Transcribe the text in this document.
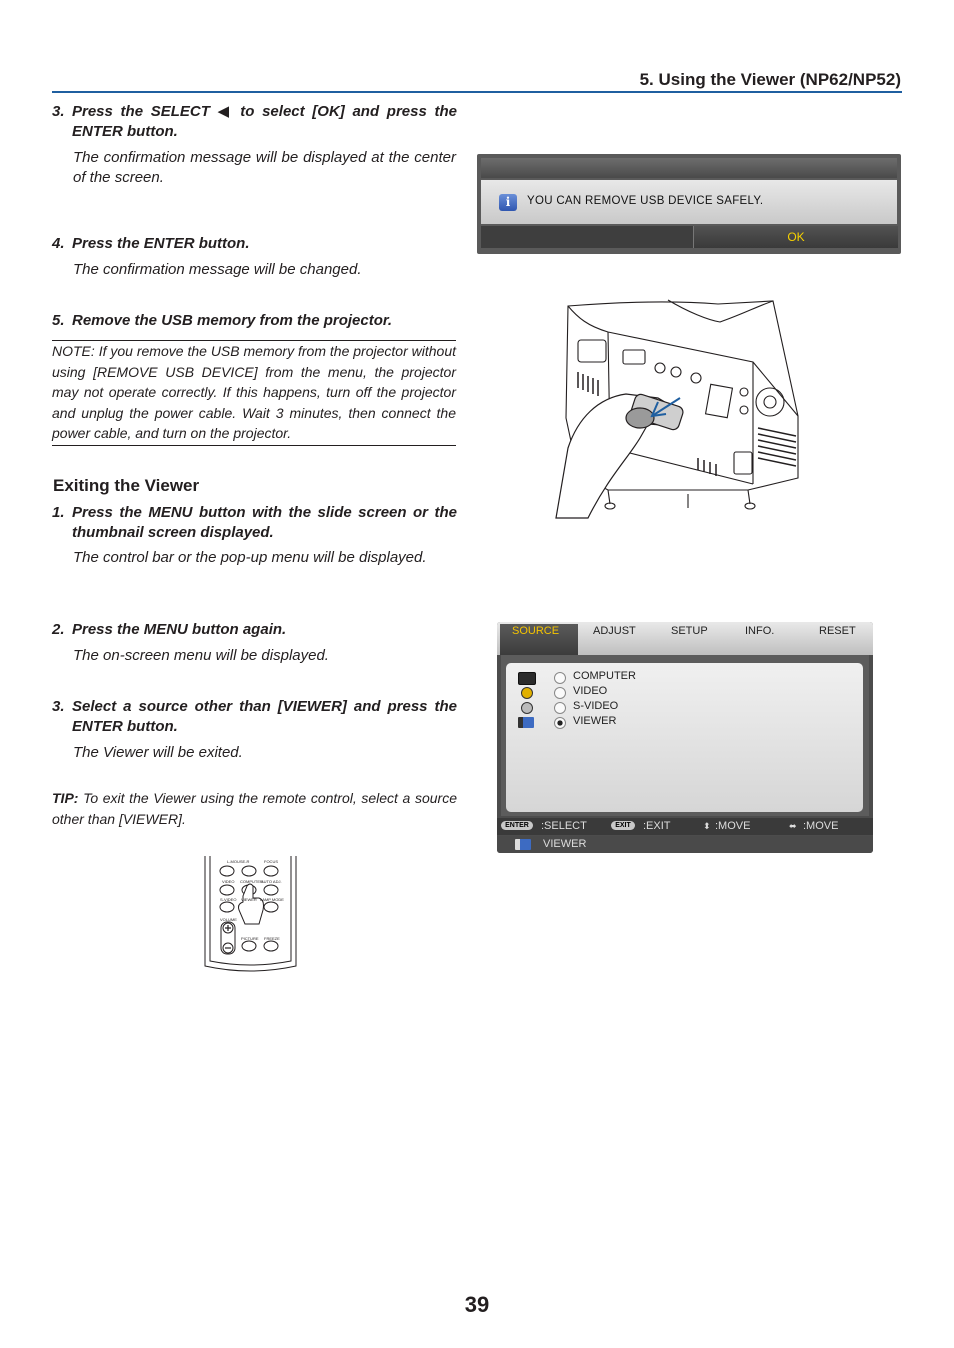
5. Using the Viewer (NP62/NP52)
3. Press the SELECT ◀ to select [OK] and press the ENTER button.
The confirmation message will be displayed at the center of the screen.
4. Press the ENTER button.
The confirmation message will be changed.
5. Remove the USB memory from the projector.
NOTE: If you remove the USB memory from the projector without using [REMOVE USB DEVICE] from the menu, the projector may not operate correctly. If this happens, turn off the projector and unplug the power cable. Wait 3 minutes, then connect the power cable, and turn on the projector.
Exiting the Viewer
1. Press the MENU button with the slide screen or the thumbnail screen displayed.
The control bar or the pop-up menu will be displayed.
2. Press the MENU button again.
The on-screen menu will be displayed.
3. Select a source other than [VIEWER] and press the ENTER button.
The Viewer will be exited.
TIP: To exit the Viewer using the remote control, select a source other than [VIEWER].
i	YOU CAN REMOVE USB DEVICE SAFELY.
OK
SOURCE	ADJUST	SETUP	INFO.	RESET
COMPUTER
VIDEO
S-VIDEO
VIEWER
ENTER	:SELECT	EXIT	:EXIT	⬍ :MOVE	⬌ :MOVE
VIEWER
L-MOUSE-R	FOCUS
VIDEO COMPUTER
AUTO ADJ.
S-VIDEO VIEWER LAMP MODE
VOLUME
PICTURE FREEZE
39
